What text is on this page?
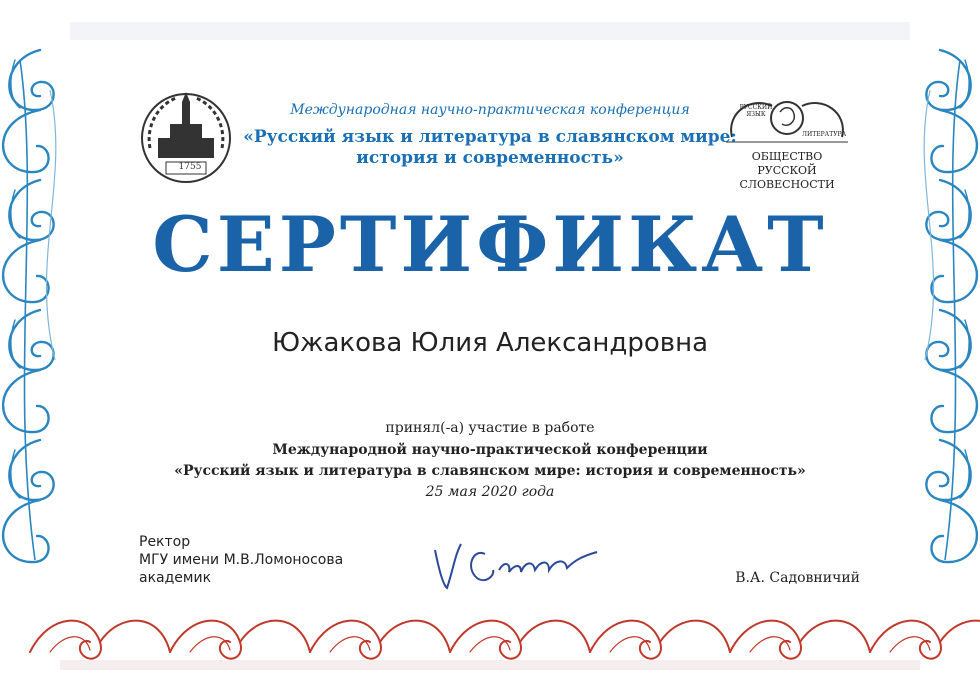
1755
РУССКИЙ ЯЗЫК
ЛИТЕРАТУРА
ОБЩЕСТВО
РУССКОЙ СЛОВЕСНОСТИ
Международная научно-практическая конференция
«Русский язык и литература в славянском мире:
история и современность»
СЕРТИФИКАТ
Южакова Юлия Александровна
принял(-а) участие в работе
Международной научно-практической конференции
«Русский язык и литература в славянском мире: история и современность»
25 мая 2020 года
Ректор
МГУ имени М.В.Ломоносова
академик	В.А. Садовничий
